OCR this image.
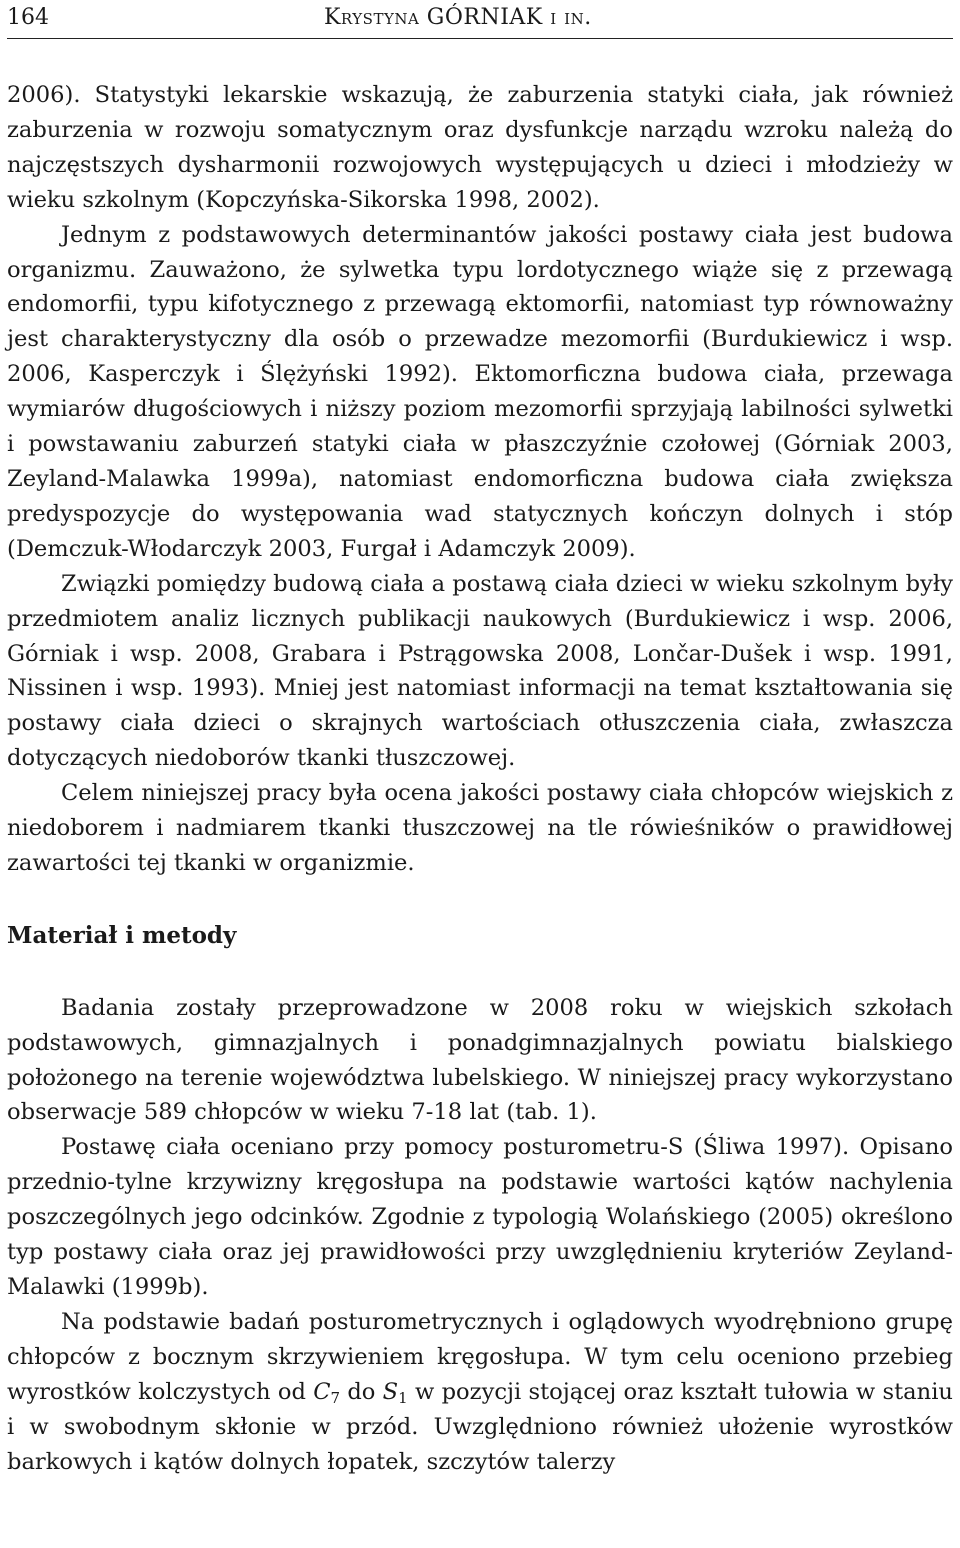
164	Krystyna GÓRNIAK i in.

2006). Statystyki lekarskie wskazują, że zaburzenia statyki ciała, jak również zaburzenia w rozwoju somatycznym oraz dysfunkcje narządu wzroku należą do najczęstszych dysharmonii rozwojowych występujących u dzieci i młodzieży w wieku szkolnym (Kopczyńska-Sikorska 1998, 2002).

Jednym z podstawowych determinantów jakości postawy ciała jest budowa organizmu. Zauważono, że sylwetka typu lordotycznego wiąże się z przewagą endomorfii, typu kifotycznego z przewagą ektomorfii, natomiast typ równoważny jest charakterystyczny dla osób o przewadze mezomorfii (Burdukiewicz i wsp. 2006, Kasperczyk i Ślężyński 1992). Ektomorficzna budowa ciała, przewaga wymiarów długościowych i niższy poziom mezomorfii sprzyjają labilności sylwetki i powstawaniu zaburzeń statyki ciała w płaszczyźnie czołowej (Górniak 2003, Zeyland-Malawka 1999a), natomiast endomorficzna budowa ciała zwiększa predyspozycje do występowania wad statycznych kończyn dolnych i stóp (Demczuk-Włodarczyk 2003, Furgał i Adamczyk 2009).

Związki pomiędzy budową ciała a postawą ciała dzieci w wieku szkolnym były przedmiotem analiz licznych publikacji naukowych (Burdukiewicz i wsp. 2006, Górniak i wsp. 2008, Grabara i Pstrągowska 2008, Lončar-Dušek i wsp. 1991, Nissinen i wsp. 1993). Mniej jest natomiast informacji na temat kształtowania się postawy ciała dzieci o skrajnych wartościach otłuszczenia ciała, zwłaszcza dotyczących niedoborów tkanki tłuszczowej.

Celem niniejszej pracy była ocena jakości postawy ciała chłopców wiejskich z niedoborem i nadmiarem tkanki tłuszczowej na tle rówieśników o prawidłowej zawartości tej tkanki w organizmie.

Materiał i metody

Badania zostały przeprowadzone w 2008 roku w wiejskich szkołach podstawowych, gimnazjalnych i ponadgimnazjalnych powiatu bialskiego położonego na terenie województwa lubelskiego. W niniejszej pracy wykorzystano obserwacje 589 chłopców w wieku 7-18 lat (tab. 1).

Postawę ciała oceniano przy pomocy posturometru-S (Śliwa 1997). Opisano przednio-tylne krzywizny kręgosłupa na podstawie wartości kątów nachylenia poszczególnych jego odcinków. Zgodnie z typologią Wolańskiego (2005) określono typ postawy ciała oraz jej prawidłowości przy uwzględnieniu kryteriów Zeyland-Malawki (1999b).

Na podstawie badań posturometrycznych i oglądowych wyodrębniono grupę chłopców z bocznym skrzywieniem kręgosłupa. W tym celu oceniono przebieg wyrostków kolczystych od $C_7$ do $S_1$ w pozycji stojącej oraz kształt tułowia w staniu i w swobodnym skłonie w przód. Uwzględniono również ułożenie wyrostków barkowych i kątów dolnych łopatek, szczytów talerzy
